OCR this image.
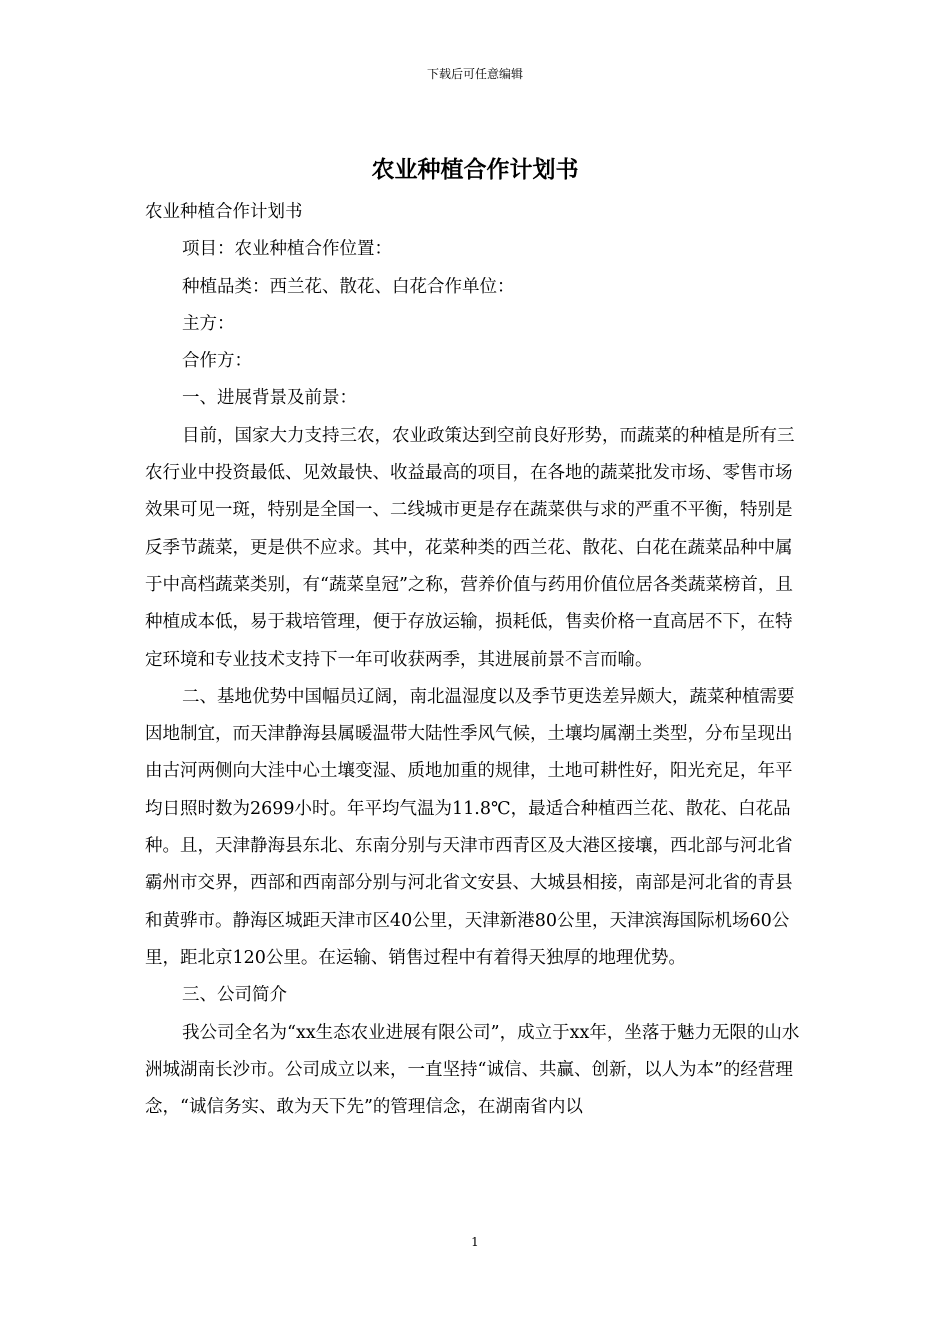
下载后可任意编辑
农业种植合作计划书

农业种植合作计划书

项目：农业种植合作位置：

种植品类：西兰花、散花、白花合作单位：

主方：

合作方：

一、进展背景及前景：

目前，国家大力支持三农，农业政策达到空前良好形势，而蔬菜的种植是所有三农行业中投资最低、见效最快、收益最高的项目，在各地的蔬菜批发市场、零售市场效果可见一斑，特别是全国一、二线城市更是存在蔬菜供与求的严重不平衡，特别是反季节蔬菜，更是供不应求。其中，花菜种类的西兰花、散花、白花在蔬菜品种中属于中高档蔬菜类别，有“蔬菜皇冠”之称，营养价值与药用价值位居各类蔬菜榜首，且种植成本低，易于栽培管理，便于存放运输，损耗低，售卖价格一直高居不下，在特定环境和专业技术支持下一年可收获两季，其进展前景不言而喻。

二、基地优势中国幅员辽阔，南北温湿度以及季节更迭差异颇大，蔬菜种植需要因地制宜，而天津静海县属暖温带大陆性季风气候，土壤均属潮土类型，分布呈现出由古河两侧向大洼中心土壤变湿、质地加重的规律，土地可耕性好，阳光充足，年平均日照时数为2699小时。年平均气温为11.8℃，最适合种植西兰花、散花、白花品种。且，天津静海县东北、东南分别与天津市西青区及大港区接壤，西北部与河北省霸州市交界，西部和西南部分别与河北省文安县、大城县相接，南部是河北省的青县和黄骅市。静海区城距天津市区40公里，天津新港80公里，天津滨海国际机场60公里，距北京120公里。在运输、销售过程中有着得天独厚的地理优势。

三、公司简介

我公司全名为“xx生态农业进展有限公司”，成立于xx年，坐落于魅力无限的山水洲城湖南长沙市。公司成立以来，一直坚持“诚信、共赢、创新，以人为本”的经营理念，“诚信务实、敢为天下先”的管理信念，在湖南省内以

1
